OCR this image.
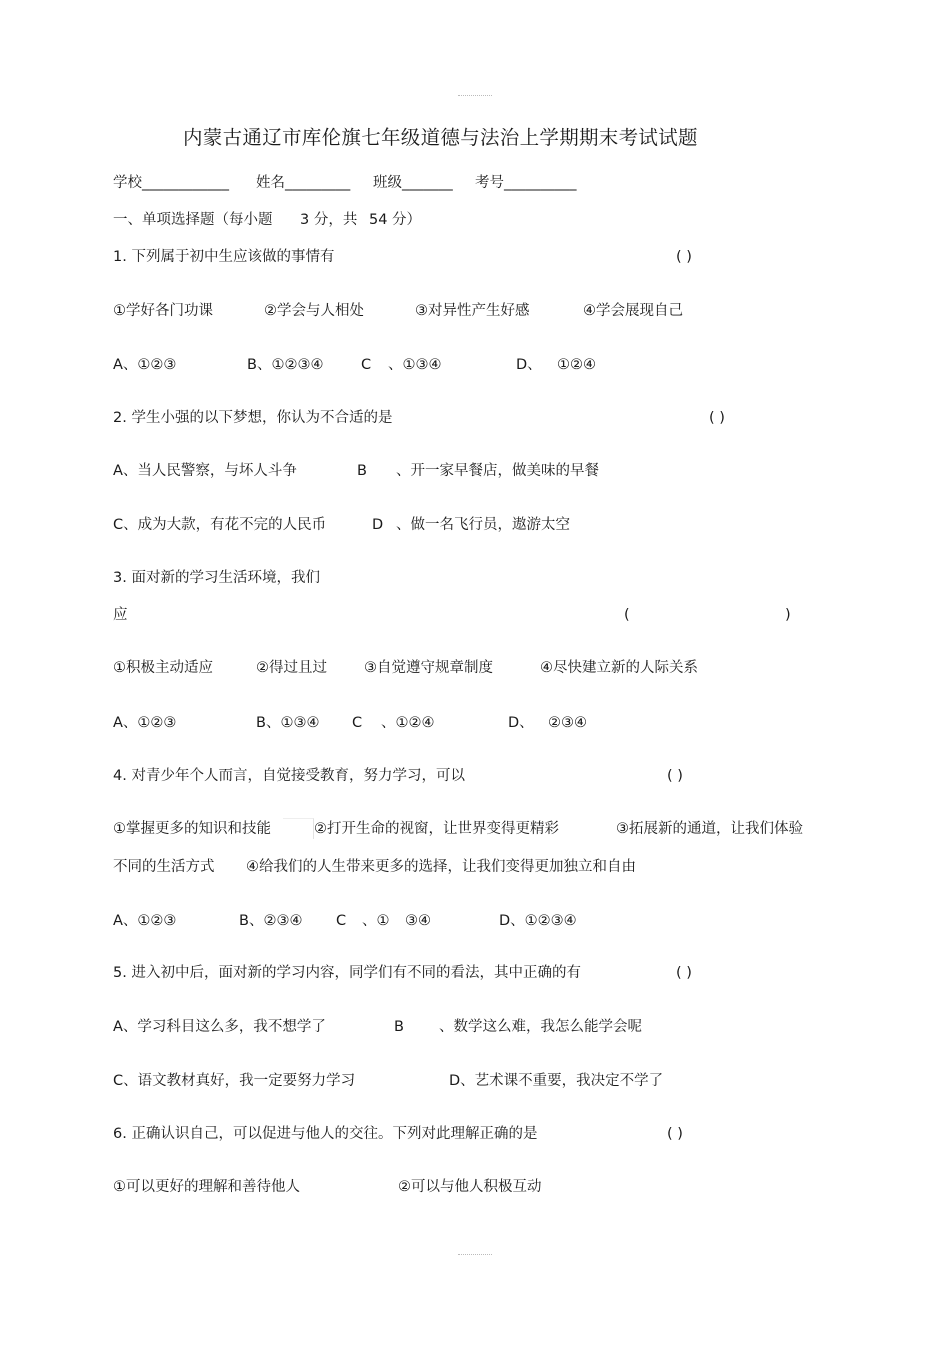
内蒙古通辽市库伦旗七年级道德与法治上学期期末考试试题
学校____________ 姓名_________ 班级_______ 考号__________
一、单项选择题（每小题 3 分，共 54 分）
1. 下列属于初中生应该做的事情有	( )
①学好各门功课	②学会与人相处	③对异性产生好感	④学会展现自己
A、①②③	B、①②③④	C 、①③④	D、 ①②④
2. 学生小强的以下梦想，你认为不合适的是	( )
A、当人民警察，与坏人斗争	B 、开一家早餐店，做美味的早餐
C、成为大款，有花不完的人民币	D 、做一名飞行员，遨游太空
3. 面对新的学习生活环境，我们
应	(	)
①积极主动适应	②得过且过	③自觉遵守规章制度	④尽快建立新的人际关系
A、①②③	B、①③④ C 、①②④	D、 ②③④
4. 对青少年个人而言，自觉接受教育，努力学习，可以	( )
①掌握更多的知识和技能	②打开生命的视窗，让世界变得更精彩	③拓展新的通道，让我们体验
不同的生活方式 ④给我们的人生带来更多的选择，让我们变得更加独立和自由
A、①②③	B、②③④ C 、① ③④	D、①②③④
5. 进入初中后，面对新的学习内容，同学们有不同的看法，其中正确的有	( )
A、学习科目这么多，我不想学了	B 、数学这么难，我怎么能学会呢
C、语文教材真好，我一定要努力学习	D、艺术课不重要，我决定不学了
6. 正确认识自己，可以促进与他人的交往。下列对此理解正确的是	( )
①可以更好的理解和善待他人	②可以与他人积极互动
